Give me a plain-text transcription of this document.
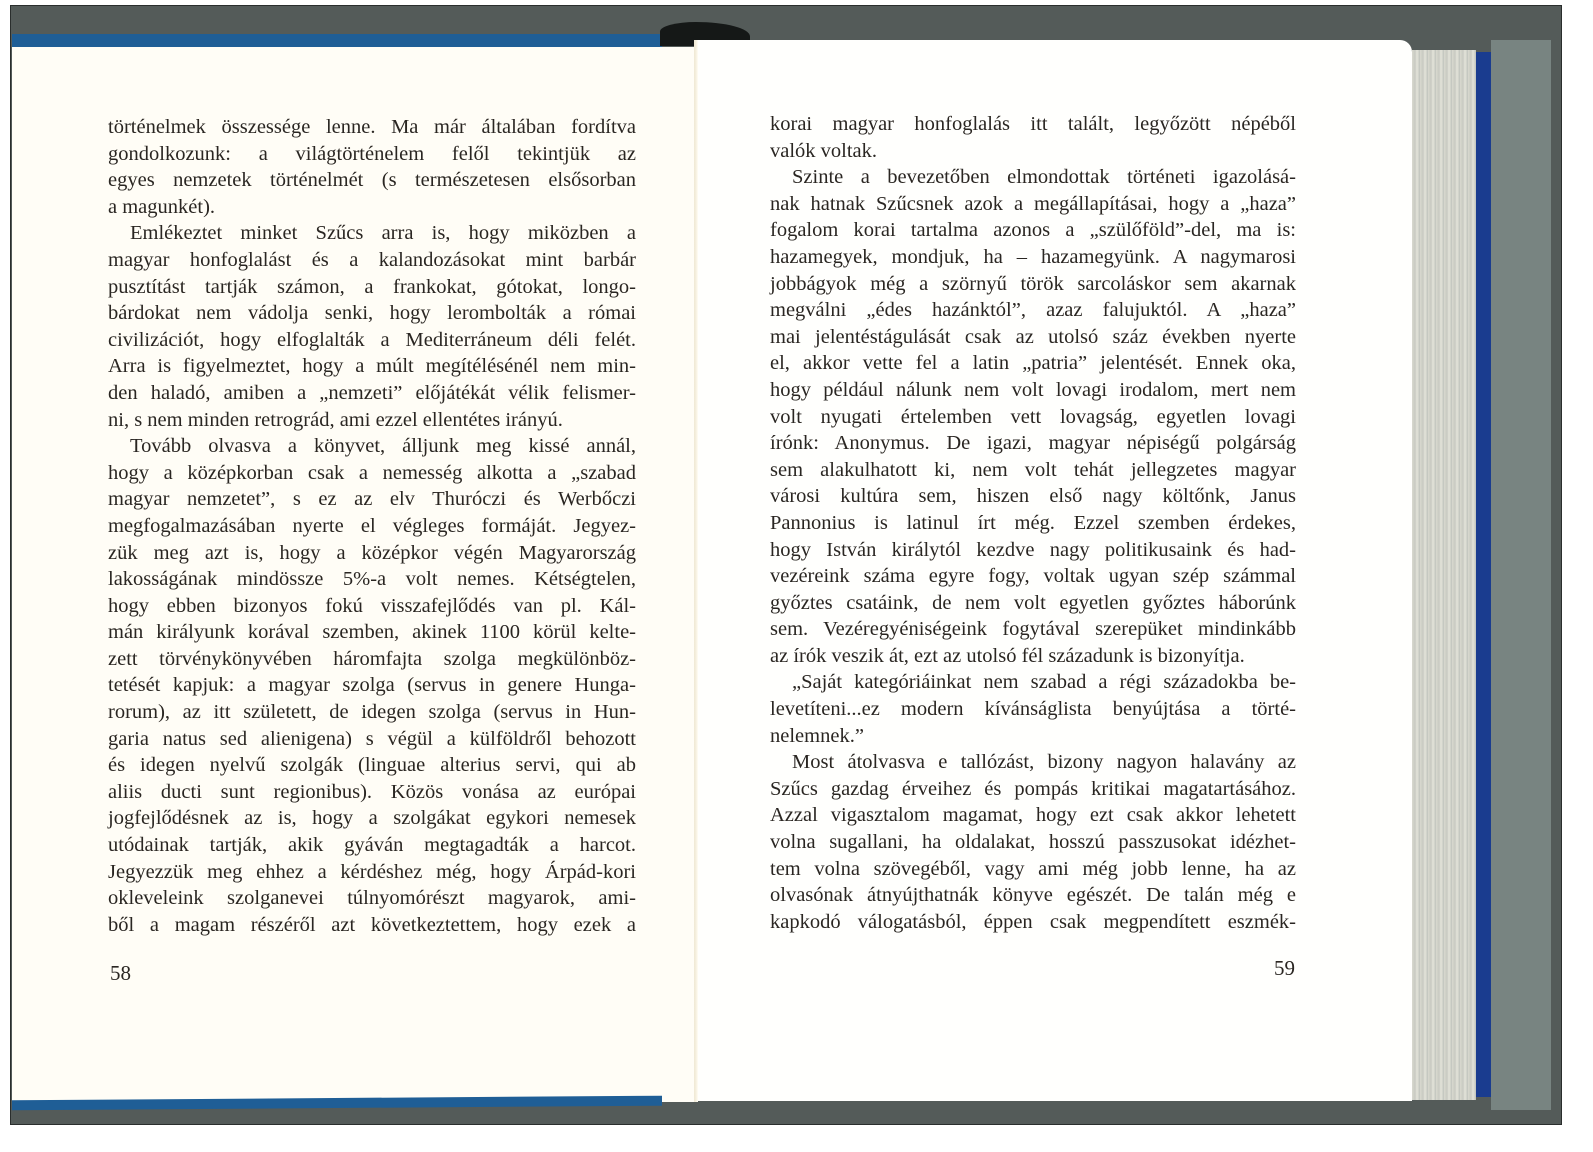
történelmek összessége lenne. Ma már általában fordítva
gondolkozunk: a világtörténelem felől tekintjük az
egyes nemzetek történelmét (s természetesen elsősorban
a magunkét).
Emlékeztet minket Szűcs arra is, hogy miközben a
magyar honfoglalást és a kalandozásokat mint barbár
pusztítást tartják számon, a frankokat, gótokat, longo-
bárdokat nem vádolja senki, hogy lerombolták a római
civilizációt, hogy elfoglalták a Mediterráneum déli felét.
Arra is figyelmeztet, hogy a múlt megítélésénél nem min-
den haladó, amiben a „nemzeti” előjátékát vélik felismer-
ni, s nem minden retrográd, ami ezzel ellentétes irányú.
Tovább olvasva a könyvet, álljunk meg kissé annál,
hogy a középkorban csak a nemesség alkotta a „szabad
magyar nemzetet”, s ez az elv Thuróczi és Werbőczi
megfogalmazásában nyerte el végleges formáját. Jegyez-
zük meg azt is, hogy a középkor végén Magyarország
lakosságának mindössze 5%-a volt nemes. Kétségtelen,
hogy ebben bizonyos fokú visszafejlődés van pl. Kál-
mán királyunk korával szemben, akinek 1100 körül kelte-
zett törvénykönyvében háromfajta szolga megkülönböz-
tetését kapjuk: a magyar szolga (servus in genere Hunga-
rorum), az itt született, de idegen szolga (servus in Hun-
garia natus sed alienigena) s végül a külföldről behozott
és idegen nyelvű szolgák (linguae alterius servi, qui ab
aliis ducti sunt regionibus). Közös vonása az európai
jogfejlődésnek az is, hogy a szolgákat egykori nemesek
utódainak tartják, akik gyáván megtagadták a harcot.
Jegyezzük meg ehhez a kérdéshez még, hogy Árpád-kori
okleveleink szolganevei túlnyomórészt magyarok, ami-
ből a magam részéről azt következtettem, hogy ezek a
korai magyar honfoglalás itt talált, legyőzött népéből
valók voltak.
Szinte a bevezetőben elmondottak történeti igazolásá-
nak hatnak Szűcsnek azok a megállapításai, hogy a „haza”
fogalom korai tartalma azonos a „szülőföld”-del, ma is:
hazamegyek, mondjuk, ha – hazamegyünk. A nagymarosi
jobbágyok még a szörnyű török sarcoláskor sem akarnak
megválni „édes hazánktól”, azaz falujuktól. A „haza”
mai jelentéstágulását csak az utolsó száz években nyerte
el, akkor vette fel a latin „patria” jelentését. Ennek oka,
hogy például nálunk nem volt lovagi irodalom, mert nem
volt nyugati értelemben vett lovagság, egyetlen lovagi
írónk: Anonymus. De igazi, magyar népiségű polgárság
sem alakulhatott ki, nem volt tehát jellegzetes magyar
városi kultúra sem, hiszen első nagy költőnk, Janus
Pannonius is latinul írt még. Ezzel szemben érdekes,
hogy István királytól kezdve nagy politikusaink és had-
vezéreink száma egyre fogy, voltak ugyan szép számmal
győztes csatáink, de nem volt egyetlen győztes háborúnk
sem. Vezéregyéniségeink fogytával szerepüket mindinkább
az írók veszik át, ezt az utolsó fél századunk is bizonyítja.
„Saját kategóriáinkat nem szabad a régi századokba be-
levetíteni...ez modern kívánságlista benyújtása a törté-
nelemnek.”
Most átolvasva e tallózást, bizony nagyon halavány az
Szűcs gazdag érveihez és pompás kritikai magatartásához.
Azzal vigasztalom magamat, hogy ezt csak akkor lehetett
volna sugallani, ha oldalakat, hosszú passzusokat idézhet-
tem volna szövegéből, vagy ami még jobb lenne, ha az
olvasónak átnyújthatnák könyve egészét. De talán még e
kapkodó válogatásból, éppen csak megpendített eszmék-
58	59
